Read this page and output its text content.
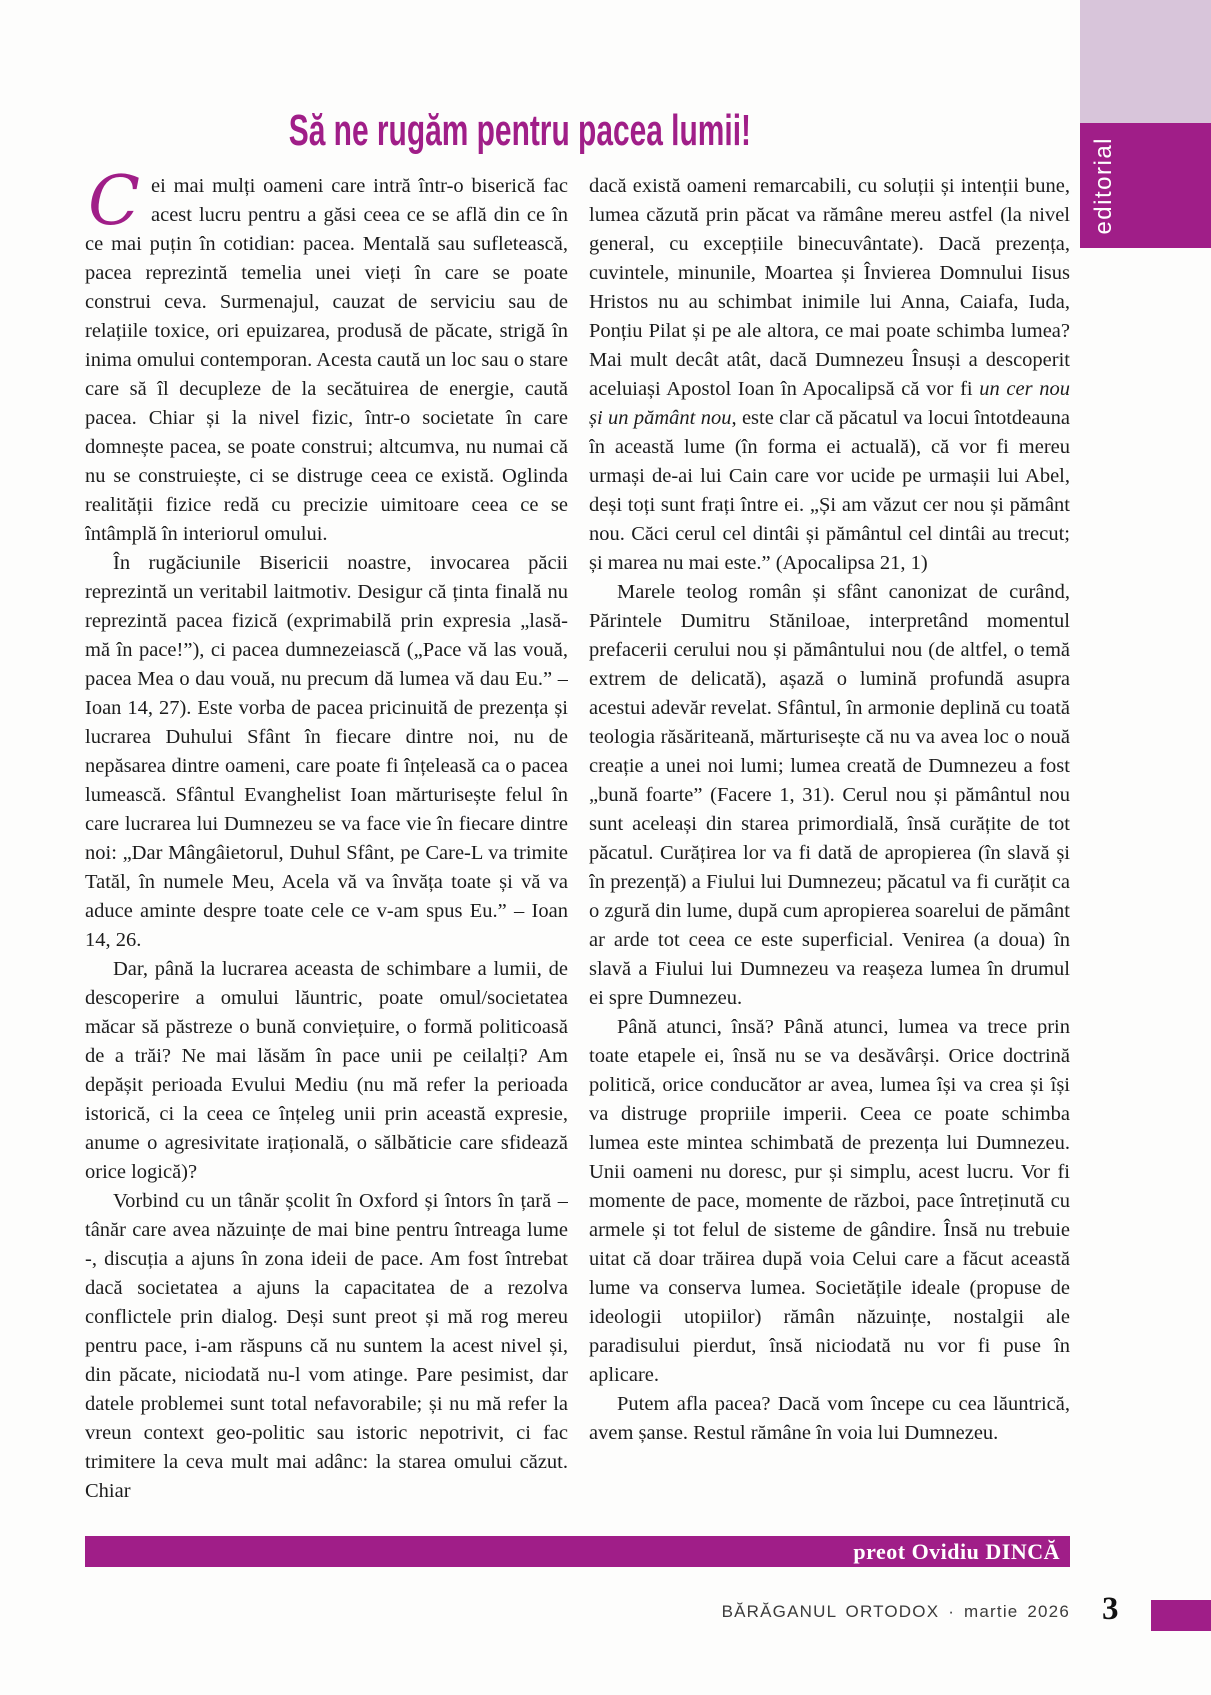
editorial
Să ne rugăm pentru pacea lumii!

Cei mai mulți oameni care intră într-o biserică fac acest lucru pentru a găsi ceea ce se află din ce în ce mai puțin în cotidian: pacea. Mentală sau sufletească, pacea reprezintă temelia unei vieți în care se poate construi ceva. Surmenajul, cauzat de serviciu sau de relațiile toxice, ori epuizarea, produsă de păcate, strigă în inima omului contemporan. Acesta caută un loc sau o stare care să îl decupleze de la secătuirea de energie, caută pacea. Chiar și la nivel fizic, într-o societate în care domnește pacea, se poate construi; altcumva, nu numai că nu se construiește, ci se distruge ceea ce există. Oglinda realității fizice redă cu precizie uimitoare ceea ce se întâmplă în interiorul omului.

În rugăciunile Bisericii noastre, invocarea păcii reprezintă un veritabil laitmotiv. Desigur că ținta finală nu reprezintă pacea fizică (exprimabilă prin expresia „lasă-mă în pace!”), ci pacea dumnezeiască („Pace vă las vouă, pacea Mea o dau vouă, nu precum dă lumea vă dau Eu.” – Ioan 14, 27). Este vorba de pacea pricinuită de prezența și lucrarea Duhului Sfânt în fiecare dintre noi, nu de nepăsarea dintre oameni, care poate fi înțeleasă ca o pacea lumească. Sfântul Evanghelist Ioan mărturisește felul în care lucrarea lui Dumnezeu se va face vie în fiecare dintre noi: „Dar Mângâietorul, Duhul Sfânt, pe Care-L va trimite Tatăl, în numele Meu, Acela vă va învăța toate și vă va aduce aminte despre toate cele ce v-am spus Eu.” – Ioan 14, 26.

Dar, până la lucrarea aceasta de schimbare a lumii, de descoperire a omului lăuntric, poate omul/societatea măcar să păstreze o bună conviețuire, o formă politicoasă de a trăi? Ne mai lăsăm în pace unii pe ceilalți? Am depășit perioada Evului Mediu (nu mă refer la perioada istorică, ci la ceea ce înțeleg unii prin această expresie, anume o agresivitate irațională, o sălbăticie care sfidează orice logică)?

Vorbind cu un tânăr școlit în Oxford și întors în țară – tânăr care avea năzuințe de mai bine pentru întreaga lume -, discuția a ajuns în zona ideii de pace. Am fost întrebat dacă societatea a ajuns la capacitatea de a rezolva conflictele prin dialog. Deși sunt preot și mă rog mereu pentru pace, i-am răspuns că nu suntem la acest nivel și, din păcate, niciodată nu-l vom atinge. Pare pesimist, dar datele problemei sunt total nefavorabile; și nu mă refer la vreun context geo-politic sau istoric nepotrivit, ci fac trimitere la ceva mult mai adânc: la starea omului căzut. Chiar

dacă există oameni remarcabili, cu soluții și intenții bune, lumea căzută prin păcat va rămâne mereu astfel (la nivel general, cu excepțiile binecuvântate). Dacă prezența, cuvintele, minunile, Moartea și Învierea Domnului Iisus Hristos nu au schimbat inimile lui Anna, Caiafa, Iuda, Ponțiu Pilat și pe ale altora, ce mai poate schimba lumea? Mai mult decât atât, dacă Dumnezeu Însuși a descoperit aceluiași Apostol Ioan în Apocalipsă că vor fi un cer nou și un pământ nou, este clar că păcatul va locui întotdeauna în această lume (în forma ei actuală), că vor fi mereu urmași de-ai lui Cain care vor ucide pe urmașii lui Abel, deși toți sunt frați între ei. „Și am văzut cer nou și pământ nou. Căci cerul cel dintâi și pământul cel dintâi au trecut; și marea nu mai este.” (Apocalipsa 21, 1)

Marele teolog român și sfânt canonizat de curând, Părintele Dumitru Stăniloae, interpretând momentul prefacerii cerului nou și pământului nou (de altfel, o temă extrem de delicată), așază o lumină profundă asupra acestui adevăr revelat. Sfântul, în armonie deplină cu toată teologia răsăriteană, mărturisește că nu va avea loc o nouă creație a unei noi lumi; lumea creată de Dumnezeu a fost „bună foarte” (Facere 1, 31). Cerul nou și pământul nou sunt aceleași din starea primordială, însă curățite de tot păcatul. Curățirea lor va fi dată de apropierea (în slavă și în prezență) a Fiului lui Dumnezeu; păcatul va fi curățit ca o zgură din lume, după cum apropierea soarelui de pământ ar arde tot ceea ce este superficial. Venirea (a doua) în slavă a Fiului lui Dumnezeu va reașeza lumea în drumul ei spre Dumnezeu.

Până atunci, însă? Până atunci, lumea va trece prin toate etapele ei, însă nu se va desăvârși. Orice doctrină politică, orice conducător ar avea, lumea își va crea și își va distruge propriile imperii. Ceea ce poate schimba lumea este mintea schimbată de prezența lui Dumnezeu. Unii oameni nu doresc, pur și simplu, acest lucru. Vor fi momente de pace, momente de război, pace întreținută cu armele și tot felul de sisteme de gândire. Însă nu trebuie uitat că doar trăirea după voia Celui care a făcut această lume va conserva lumea. Societățile ideale (propuse de ideologii utopiilor) rămân năzuințe, nostalgii ale paradisului pierdut, însă niciodată nu vor fi puse în aplicare.

Putem afla pacea? Dacă vom începe cu cea lăuntrică, avem șanse. Restul rămâne în voia lui Dumnezeu.

preot Ovidiu DINCĂ
BĂRĂGANUL ORTODOX · martie 2026 3
